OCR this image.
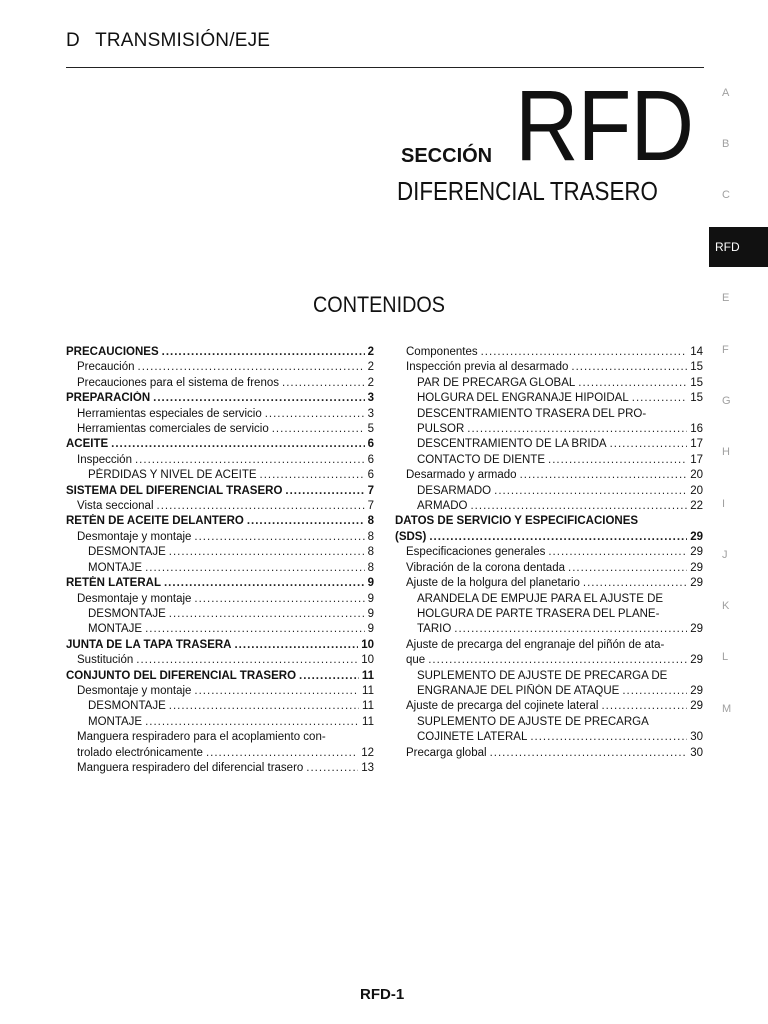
D TRANSMISIÓN/EJE
SECCIÓN RFD
DIFERENCIAL TRASERO
CONTENIDOS
A
B
C
RFD
E
F
G
H
I
J
K
L
M
PRECAUCIONES .....	2
Precaución .....	2
Precauciones para el sistema de frenos .....	2
PREPARACIÓN .....	3
Herramientas especiales de servicio .....	3
Herramientas comerciales de servicio .....	5
ACEITE .....	6
Inspección .....	6
PÉRDIDAS Y NIVEL DE ACEITE .....	6
SISTEMA DEL DIFERENCIAL TRASERO .....	7
Vista seccional .....	7
RETÉN DE ACEITE DELANTERO .....	8
Desmontaje y montaje .....	8
DESMONTAJE .....	8
MONTAJE .....	8
RETÉN LATERAL .....	9
Desmontaje y montaje .....	9
DESMONTAJE .....	9
MONTAJE .....	9
JUNTA DE LA TAPA TRASERA .....	10
Sustitución .....	10
CONJUNTO DEL DIFERENCIAL TRASERO .....	11
Desmontaje y montaje .....	11
DESMONTAJE .....	11
MONTAJE .....	11
Manguera respiradero para el acoplamiento con-
trolado electrónicamente .....	12
Manguera respiradero del diferencial trasero .....	13
Componentes .....	14
Inspección previa al desarmado .....	15
PAR DE PRECARGA GLOBAL .....	15
HOLGURA DEL ENGRANAJE HIPOIDAL .....	15
DESCENTRAMIENTO TRASERA DEL PRO-
PULSOR .....	16
DESCENTRAMIENTO DE LA BRIDA .....	17
CONTACTO DE DIENTE .....	17
Desarmado y armado .....	20
DESARMADO .....	20
ARMADO .....	22
DATOS DE SERVICIO Y ESPECIFICACIONES
(SDS) .....	29
Especificaciones generales .....	29
Vibración de la corona dentada .....	29
Ajuste de la holgura del planetario .....	29
ARANDELA DE EMPUJE PARA EL AJUSTE DE
HOLGURA DE PARTE TRASERA DEL PLANE-
TARIO .....	29
Ajuste de precarga del engranaje del piñón de ata-
que .....	29
SUPLEMENTO DE AJUSTE DE PRECARGA DE
ENGRANAJE DEL PIÑÓN DE ATAQUE .....	29
Ajuste de precarga del cojinete lateral .....	29
SUPLEMENTO DE AJUSTE DE PRECARGA
COJINETE LATERAL .....	30
Precarga global .....	30
RFD-1
